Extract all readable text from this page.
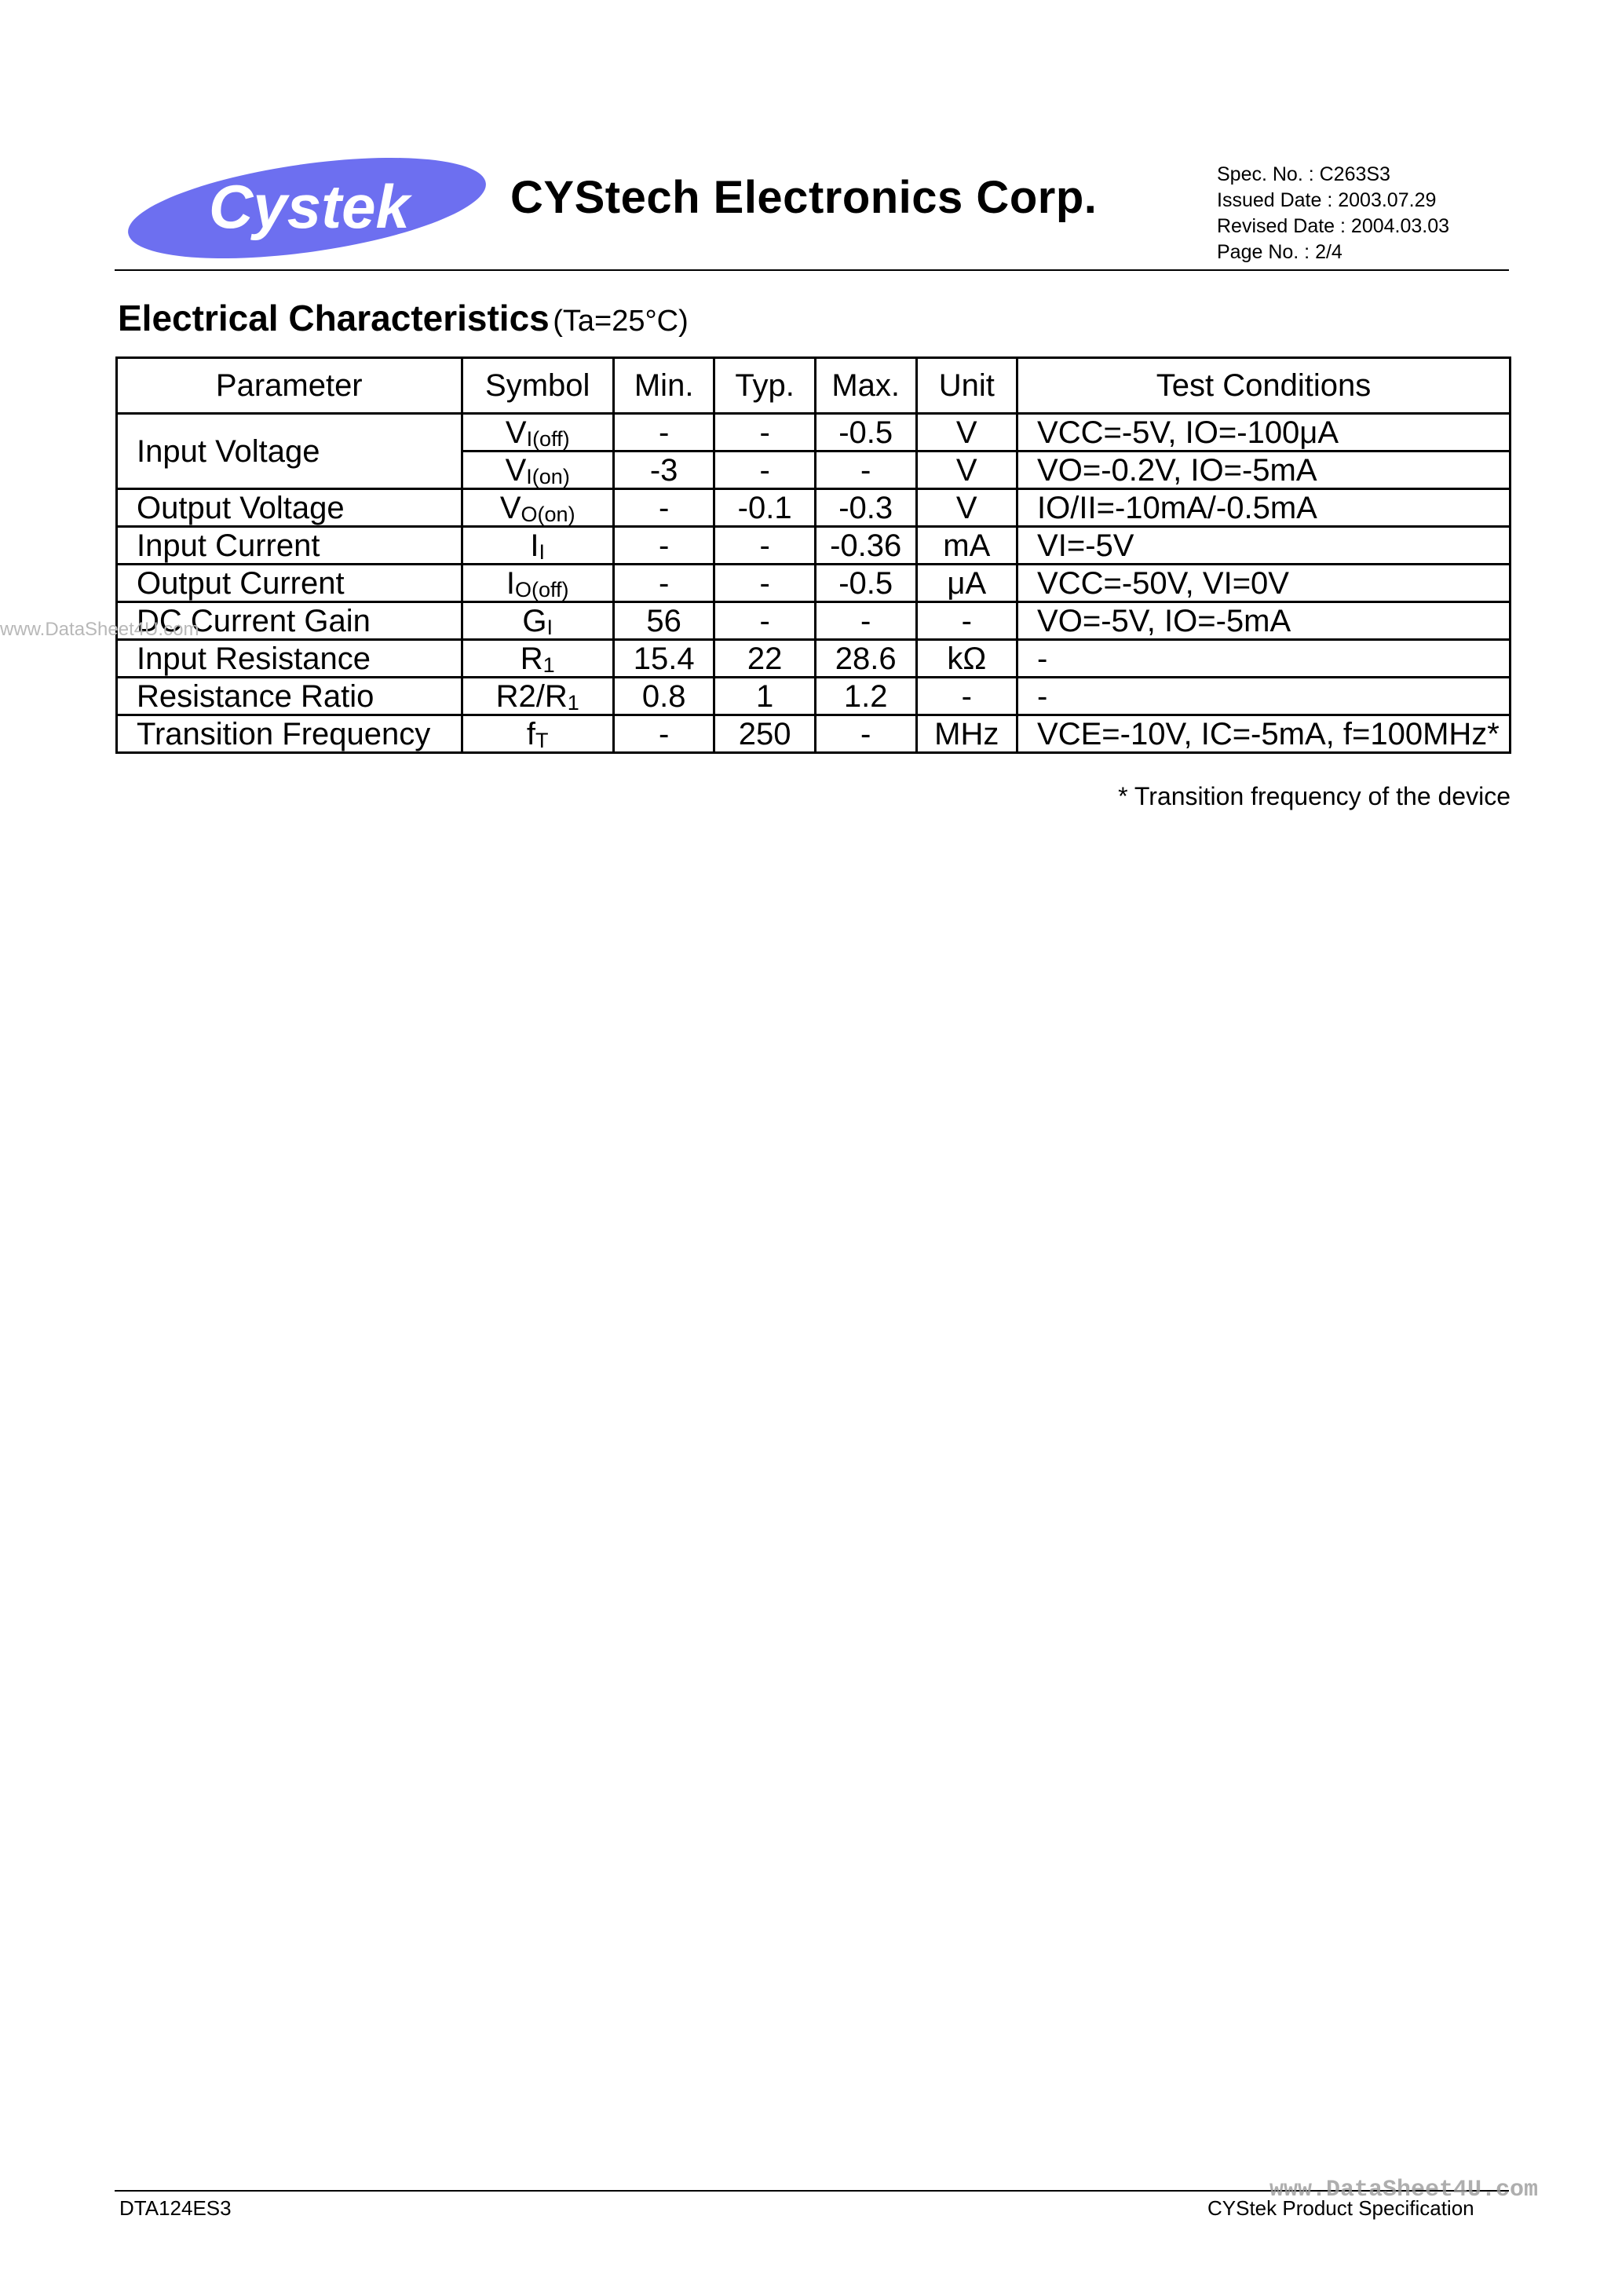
Cystek CYStech Electronics Corp.	Spec. No. : C263S3
Issued Date : 2003.07.29
Revised Date : 2004.03.03
Page No. : 2/4
Electrical Characteristics (Ta=25°C)
Parameter	Symbol	Min.	Typ.	Max.	Unit	Test Conditions
Input Voltage	$V_{I(off)}$	-	-	-0.5	V	VCC=-5V, IO=-100μA
	$V_{I(on)}$	-3	-	-	V	VO=-0.2V, IO=-5mA
Output Voltage	$V_{O(on)}$	-	-0.1	-0.3	V	IO/II=-10mA/-0.5mA
Input Current	$I_I$	-	-	-0.36	mA	VI=-5V
Output Current	$I_{O(off)}$	-	-	-0.5	μA	VCC=-50V, VI=0V
DC Current Gain	$G_I$	56	-	-	-	VO=-5V, IO=-5mA
Input Resistance	$R_1$	15.4	22	28.6	kΩ	-
Resistance Ratio	$R2/R_1$	0.8	1	1.2	-	-
Transition Frequency	$f_T$	-	250	-	MHz	VCE=-10V, IC=-5mA, f=100MHz*
* Transition frequency of the device
www.DataSheet4U.com
DTA124ES3	CYStek Product Specification
www.DataSheet4U.com
